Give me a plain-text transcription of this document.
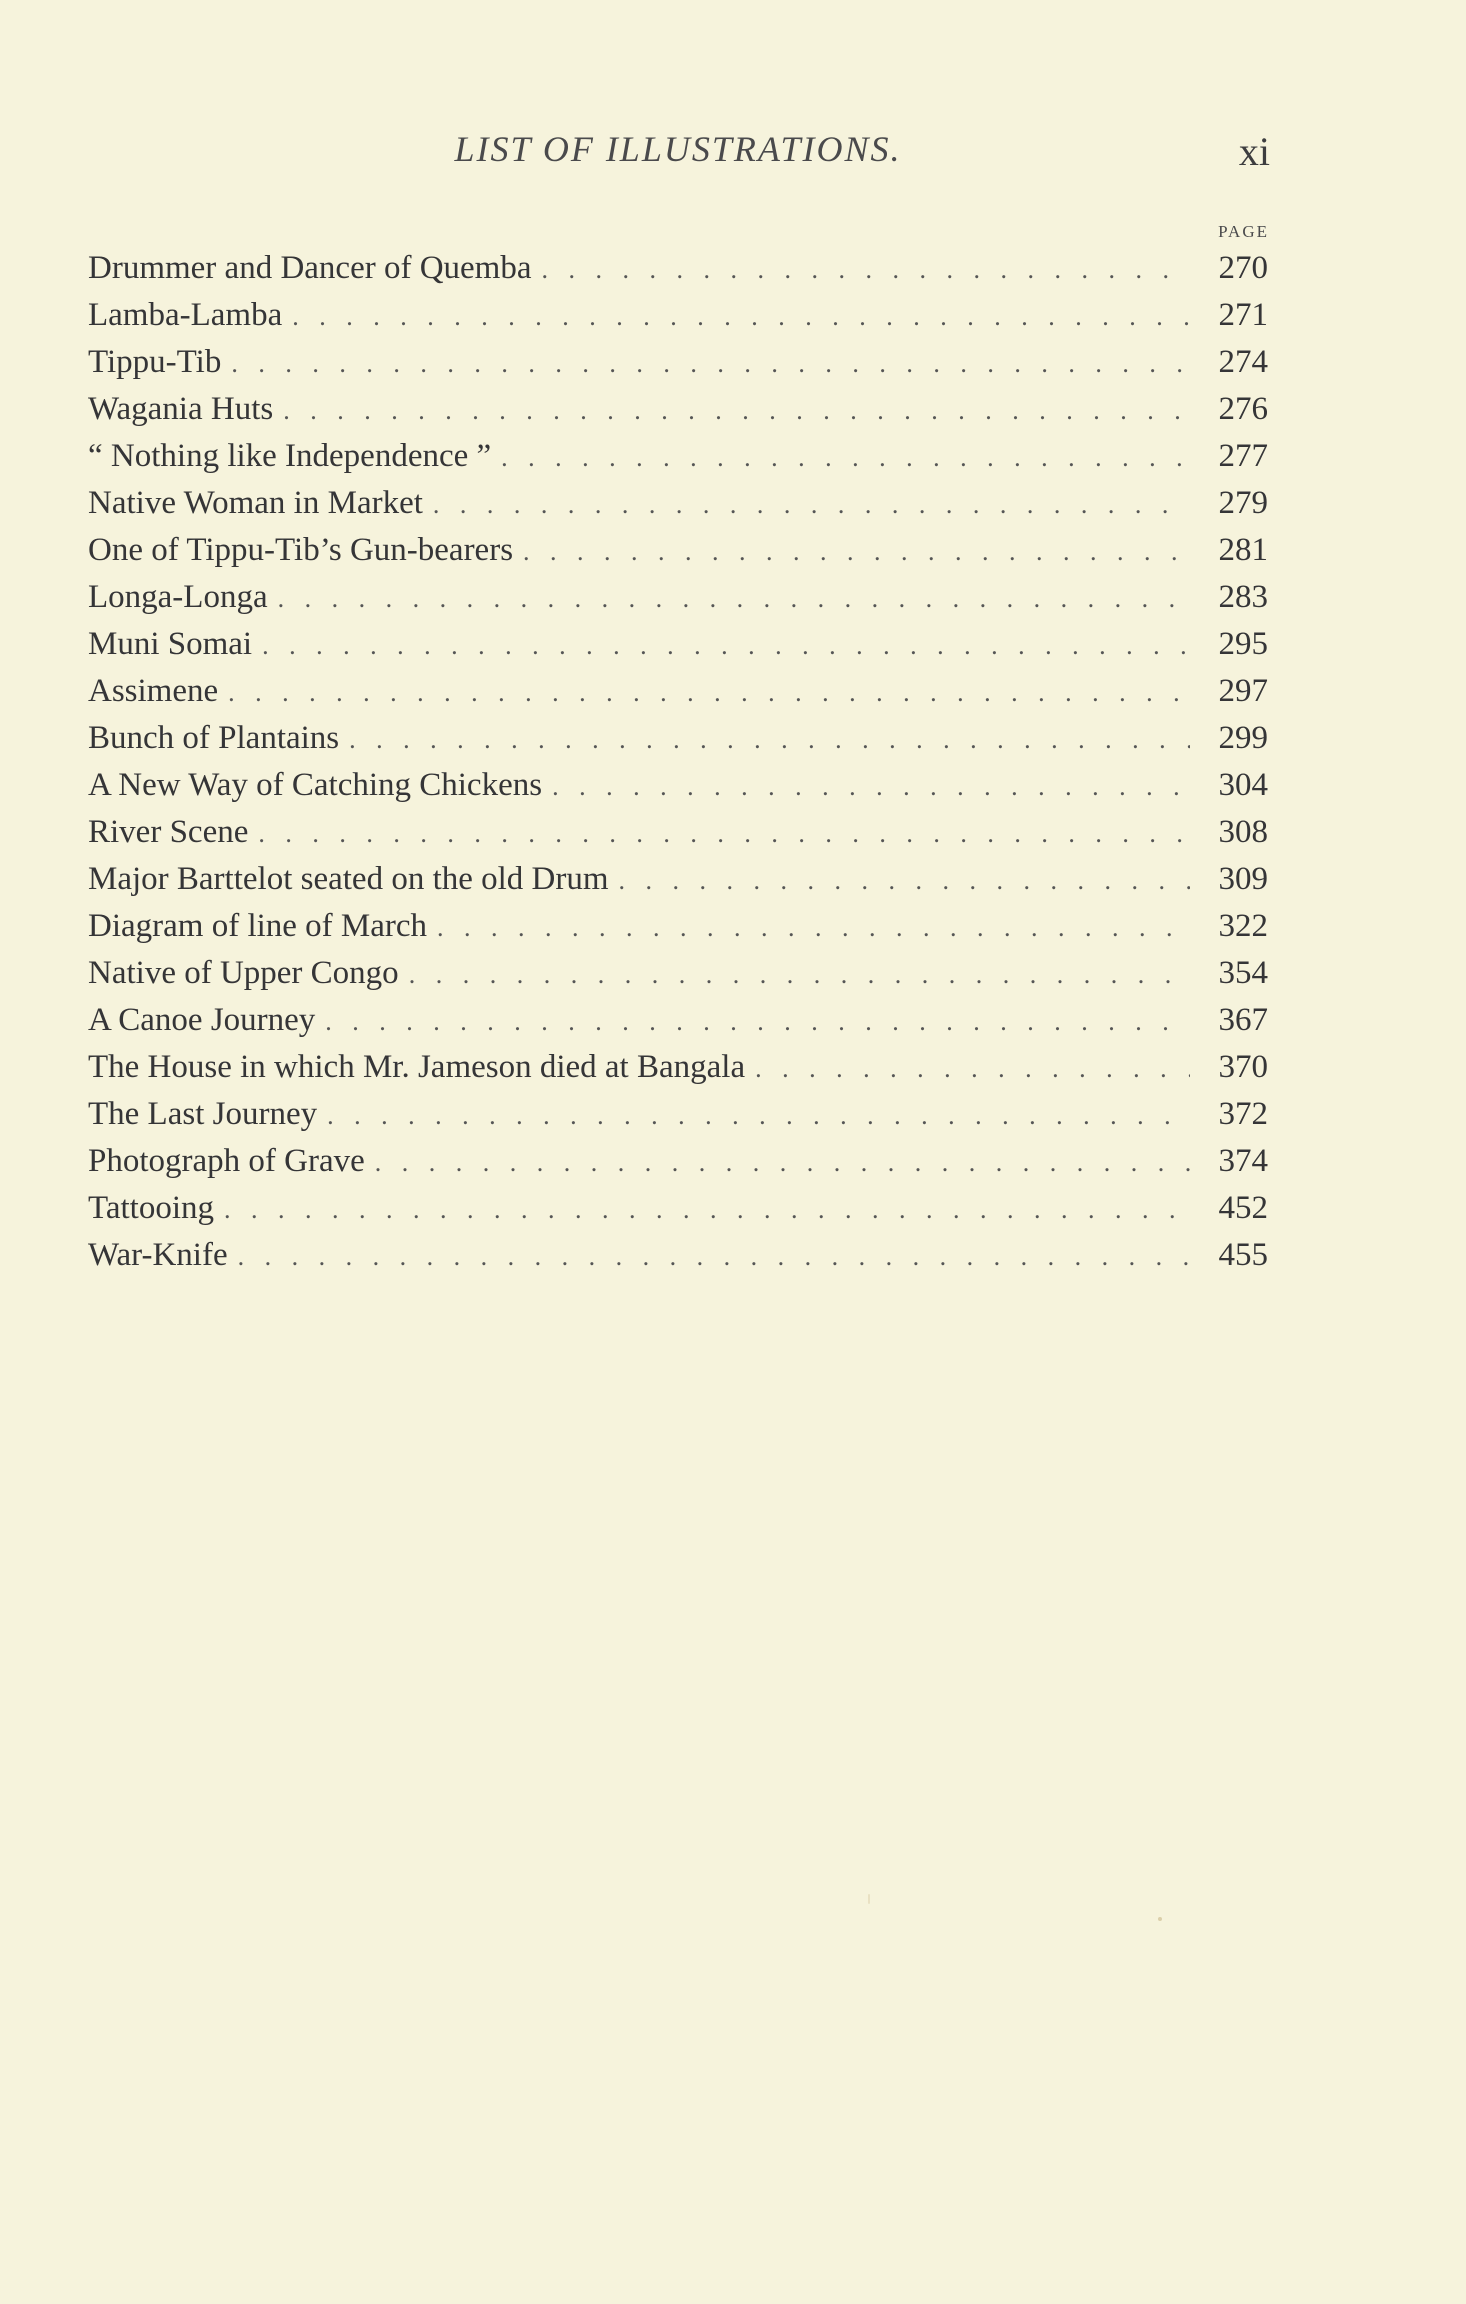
LIST OF ILLUSTRATIONS.	xi
PAGE
Drummer and Dancer of Quemba . . .	270
Lamba-Lamba . . .	271
Tippu-Tib . . .	274
Wagania Huts . . .	276
“ Nothing like Independence ” . . .	277
Native Woman in Market . . .	279
One of Tippu-Tib’s Gun-bearers . . .	281
Longa-Longa . . .	283
Muni Somai . . .	295
Assimene . . .	297
Bunch of Plantains . . .	299
A New Way of Catching Chickens . . .	304
River Scene . . .	308
Major Barttelot seated on the old Drum . . .	309
Diagram of line of March . . .	322
Native of Upper Congo . . .	354
A Canoe Journey . . .	367
The House in which Mr. Jameson died at Bangala . . .	370
The Last Journey . . .	372
Photograph of Grave . . .	374
Tattooing . . .	452
War-Knife . . .	455
